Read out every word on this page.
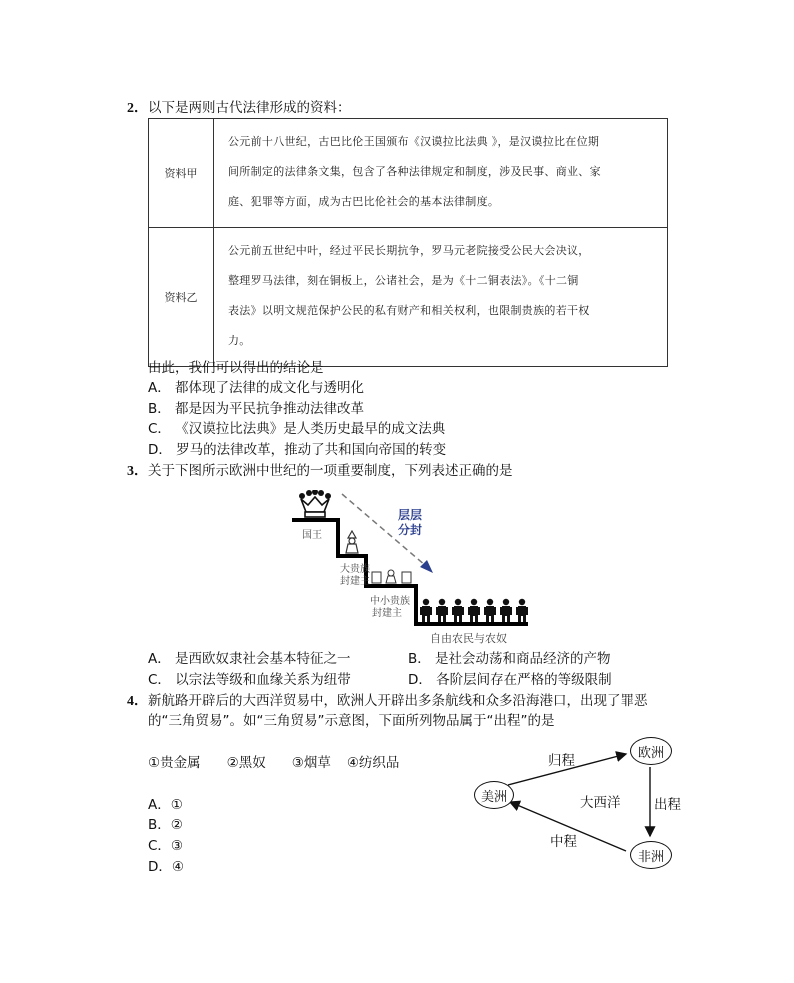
2．以下是两则古代法律形成的资料：
资料甲	公元前十八世纪，古巴比伦王国颁布《汉谟拉比法典 》，是汉谟拉比在位期
间所制定的法律条文集，包含了各种法律规定和制度，涉及民事、商业、家
庭、犯罪等方面，成为古巴比伦社会的基本法律制度。

资料乙	公元前五世纪中叶，经过平民长期抗争，罗马元老院接受公民大会决议，
整理罗马法律，刻在铜板上，公诸社会，是为《十二铜表法》。《十二铜
表法》以明文规范保护公民的私有财产和相关权利，也限制贵族的若干权
力。
由此，我们可以得出的结论是
A． 都体现了法律的成文化与透明化
B． 都是因为平民抗争推动法律改革
C． 《汉谟拉比法典》是人类历史最早的成文法典
D． 罗马的法律改革，推动了共和国向帝国的转变
3．关于下图所示欧洲中世纪的一项重要制度，下列表述正确的是
国王
大贵族
封建主
中小贵族
封建主
自由农民与农奴
层层
分封
A． 是西欧奴隶社会基本特征之一	B． 是社会动荡和商品经济的产物
C． 以宗法等级和血缘关系为纽带	D． 各阶层间存在严格的等级限制
4．新航路开辟后的大西洋贸易中，欧洲人开辟出多条航线和众多沿海港口，出现了罪恶
的“三角贸易”。如“三角贸易”示意图，下面所列物品属于“出程”的是
①贵金属 ②黑奴 ③烟草 ④纺织品
A．①
B．②
C．③
D．④
欧洲
美洲
非洲
归程
大西洋 出程
中程
